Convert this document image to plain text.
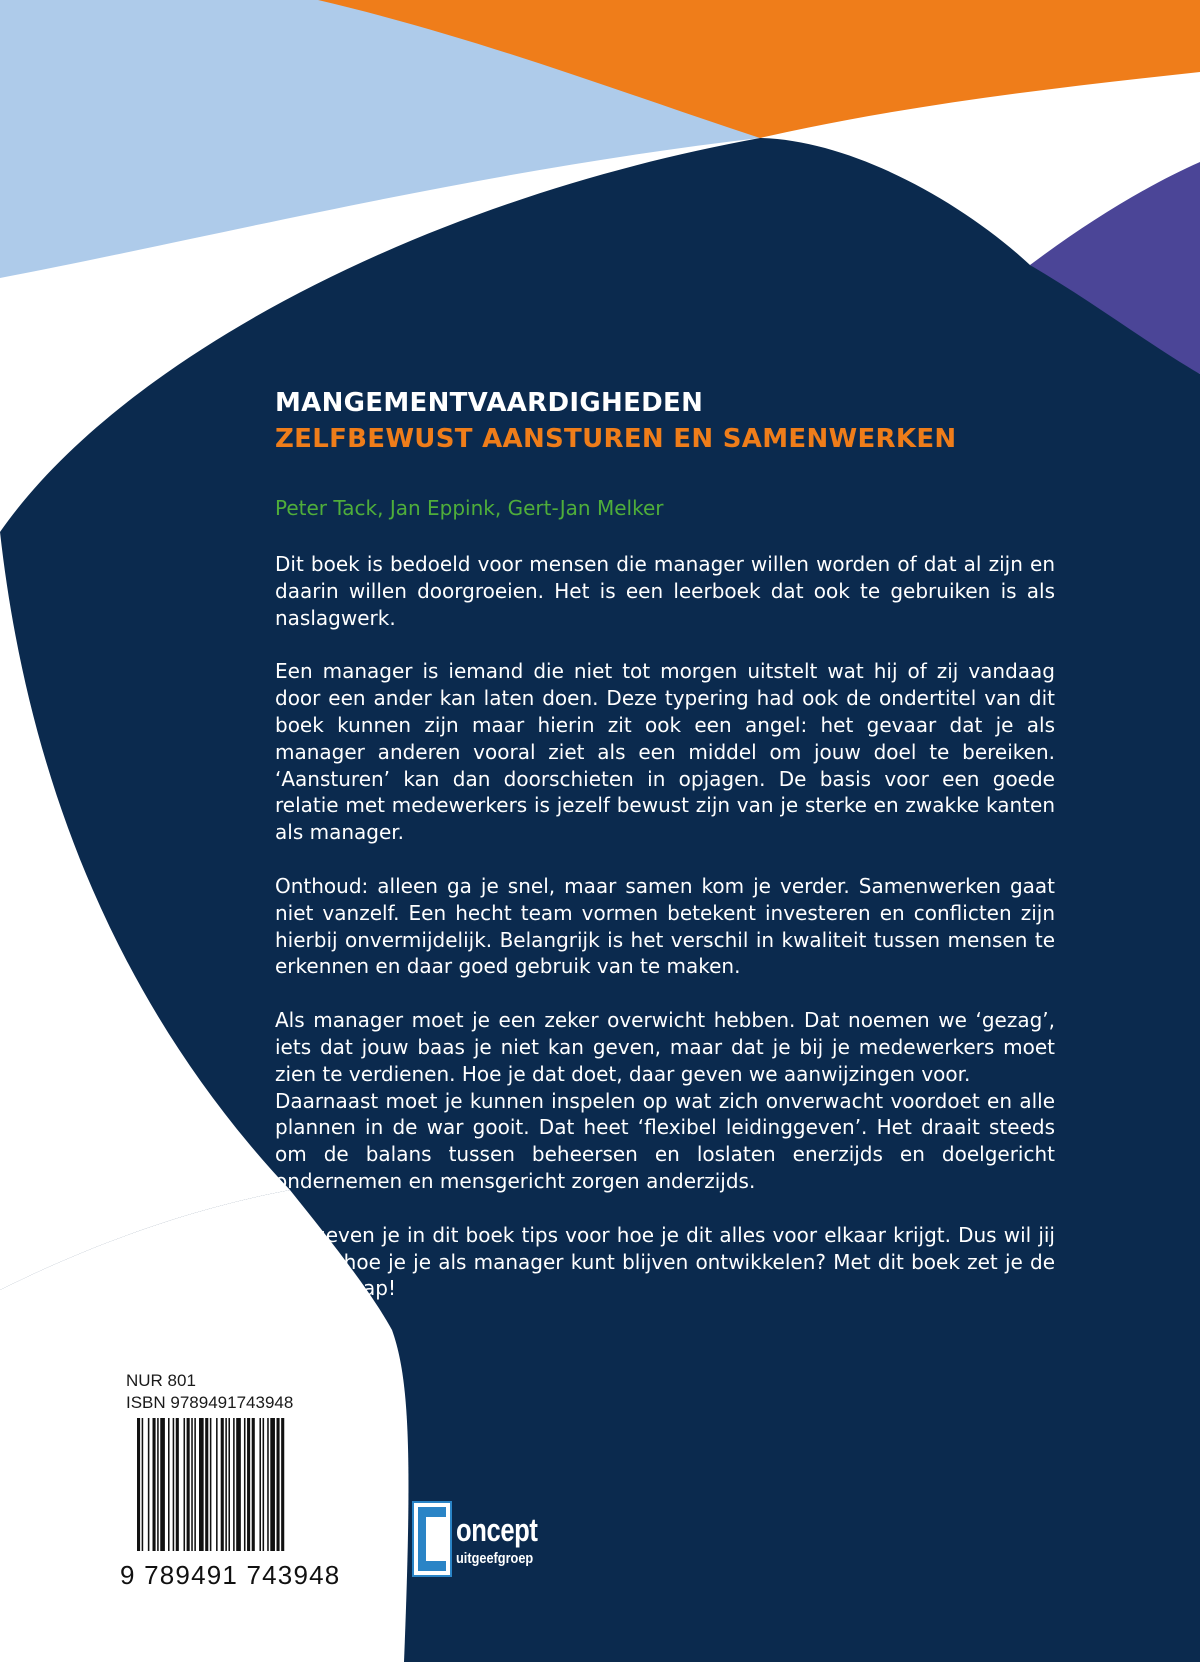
MANGEMENTVAARDIGHEDEN
ZELFBEWUST AANSTUREN EN SAMENWERKEN

Peter Tack, Jan Eppink, Gert-Jan Melker

Dit boek is bedoeld voor mensen die manager willen worden of dat al zijn en daarin willen doorgroeien. Het is een leerboek dat ook te gebruiken is als naslagwerk.

Een manager is iemand die niet tot morgen uitstelt wat hij of zij vandaag door een ander kan laten doen. Deze typering had ook de ondertitel van dit boek kunnen zijn maar hierin zit ook een angel: het gevaar dat je als manager anderen vooral ziet als een middel om jouw doel te bereiken. ‘Aansturen’ kan dan doorschieten in opjagen. De basis voor een goede relatie met medewerkers is jezelf bewust zijn van je sterke en zwakke kanten als manager.

Onthoud: alleen ga je snel, maar samen kom je verder. Samenwerken gaat niet vanzelf. Een hecht team vormen betekent investeren en conflicten zijn hierbij onvermijdelijk. Belangrijk is het verschil in kwaliteit tussen mensen te erkennen en daar goed gebruik van te maken.

Als manager moet je een zeker overwicht hebben. Dat noemen we ‘gezag’, iets dat jouw baas je niet kan geven, maar dat je bij je medewerkers moet zien te verdienen. Hoe je dat doet, daar geven we aanwijzingen voor.

Daarnaast moet je kunnen inspelen op wat zich onverwacht voordoet en alle plannen in de war gooit. Dat heet ‘flexibel leidinggeven’. Het draait steeds om de balans tussen beheersen en loslaten enerzijds en doelgericht ondernemen en mensgericht zorgen anderzijds.

We geven je in dit boek tips voor hoe je dit alles voor elkaar krijgt. Dus wil jij weten hoe je je als manager kunt blijven ontwikkelen? Met dit boek zet je de eerste stap!

NUR 801
ISBN 9789491743948
9 789491 743948
oncept
uitgeefgroep
